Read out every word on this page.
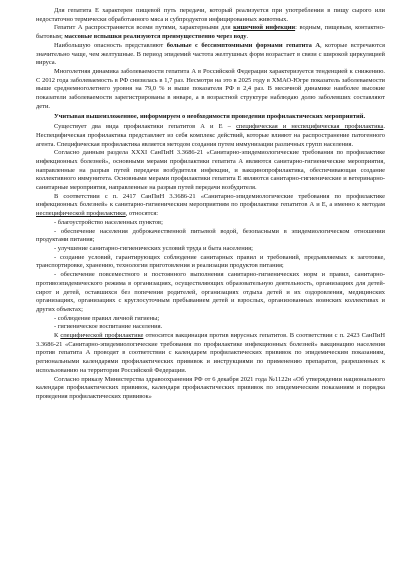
Для гепатита Е характерен пищевой путь передачи, который реализуется при употреблении в пищу сырого или недостаточно термически обработанного мяса и субпродуктов инфицированных животных.

Гепатит А распространяется всеми путями, характерными для кишечной инфекции: водным, пищевым, контактно-бытовым; массовые вспышки реализуются преимущественно через воду.

Наибольшую опасность представляют больные с бессимптомными формами гепатита А, которые встречаются значительно чаще, чем желтушные. В период эпидемий частота желтушных форм возрастает в связи с широкой циркуляцией вируса.

Многолетняя динамика заболеваемости гепатита А в Российской Федерации характеризуется тенденцией к снижению. С 2012 года заболеваемость в РФ снизилась в 1,7 раз. Несмотря на это в 2025 году в ХМАО-Югре показатель заболеваемости выше среднемноголетнего уровня на 79,0 % и выше показателя РФ в 2,4 раз. В месячной динамике наиболее высокие показатели заболеваемости зарегистрированы в январе, а в возрастной структуре наблюдаю долю заболевших составляют дети.

Учитывая вышеизложенное, информируем о необходимости проведения профилактических мероприятий.

Существует два вида профилактики гепатитов А и Е – специфическая и неспецифическая профилактика. Неспецифическая профилактика представляет из себя комплекс действий, которые влияют на распространение патогенного агента. Специфическая профилактика является методом создания путем иммунизации различных групп населения.

Согласно данным раздела XXXI СанПиН 3.3686-21 «Санитарно-эпидемиологические требования по профилактике инфекционных болезней», основными мерами профилактики гепатита А являются санитарно-гигиенические мероприятия, направленные на разрыв путей передачи возбудителя инфекции, и вакцинопрофилактика, обеспечивающая создание коллективного иммунитета. Основными мерами профилактики гепатита Е являются санитарно-гигиенические и ветеринарно-санитарные мероприятия, направленные на разрыв путей передачи возбудителя.

В соответствии с п. 2417 СанПиН 3.3686-21 «Санитарно-эпидемиологические требования по профилактике инфекционных болезней» к санитарно-гигиеническим мероприятиям по профилактике гепатитов А и Е, а именно к методам неспецифической профилактики, относятся:

- благоустройство населенных пунктов;

- обеспечение населения доброкачественной питьевой водой, безопасными в эпидемиологическом отношении продуктами питания;

- улучшение санитарно-гигиенических условий труда и быта населения;

- создание условий, гарантирующих соблюдение санитарных правил и требований, предъявляемых к заготовке, транспортировке, хранению, технологии приготовления и реализации продуктов питания;

- обеспечение повсеместного и постоянного выполнения санитарно-гигиенических норм и правил, санитарно-противоэпидемического режима в организациях, осуществляющих образовательную деятельность, организациях для детей-сирот и детей, оставшихся без попечения родителей, организациях отдыха детей и их оздоровления, медицинских организациях, организациях с круглосуточным пребыванием детей и взрослых, организованных воинских коллективах и других объектах;

- соблюдение правил личной гигиены;

- гигиеническое воспитание населения.

К специфической профилактике относится вакцинация против вирусных гепатитов. В соответствии с п. 2423 СанПиН 3.3686-21 «Санитарно-эпидемиологические требования по профилактике инфекционных болезней» вакцинацию населения против гепатита А проводят в соответствии с календарем профилактических прививок по эпидемическим показаниям, региональными календарями профилактических прививок и инструкциями по применению препаратов, разрешенных к использованию на территории Российской Федерации.

Согласно приказу Министерства здравоохранения РФ от 6 декабря 2021 года №1122н «Об утверждении национального календаря профилактических прививок, календаря профилактических прививок по эпидемическим показаниям и порядка проведения профилактических прививок»
